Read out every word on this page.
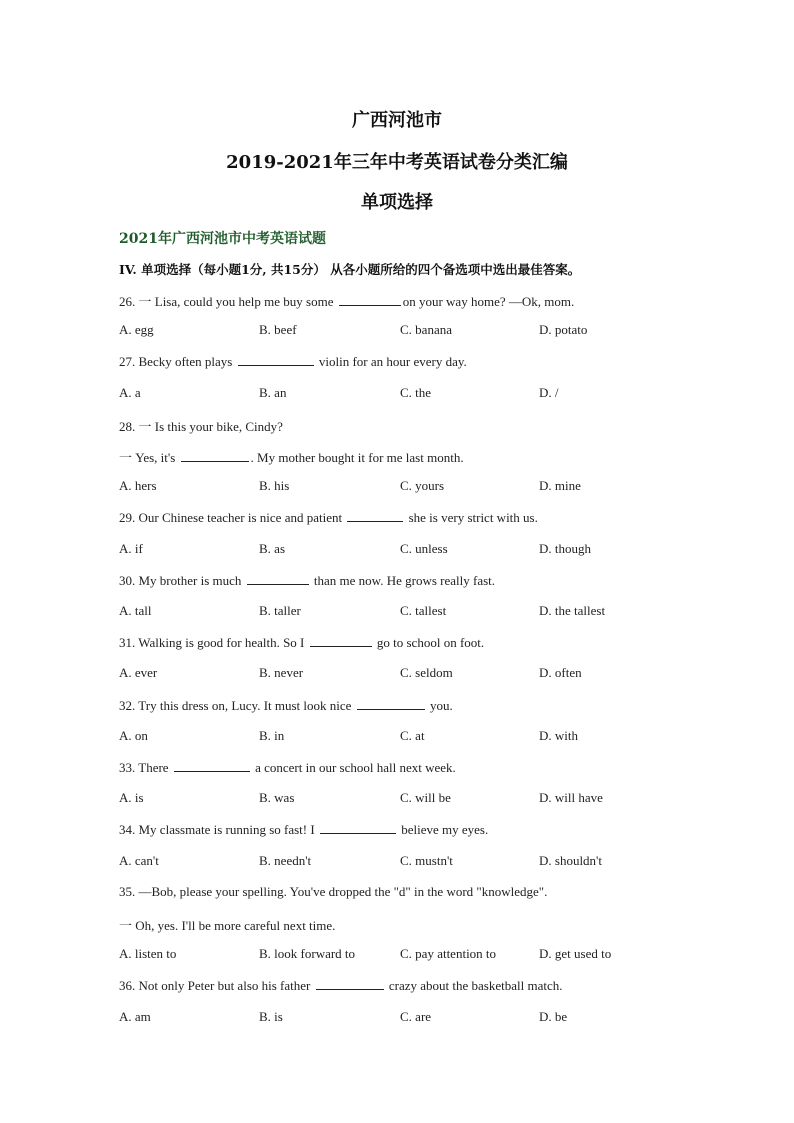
广西河池市
2019-2021年三年中考英语试卷分类汇编
单项选择
2021年广西河池市中考英语试题
IV. 单项选择（每小题1分, 共15分） 从各小题所给的四个备选项中选出最佳答案。
26. 一 Lisa, could you help me buy some	on your way home? —Ok, mom.
A. egg	B. beef	C. banana	D. potato
27. Becky often plays	violin for an hour every day.
A. a	B. an	C. the	D. /
28. 一 Is this your bike, Cindy?
一 Yes, it's	. My mother bought it for me last month.
A. hers	B. his	C. yours	D. mine
29. Our Chinese teacher is nice and patient	she is very strict with us.
A. if	B. as	C. unless	D. though
30. My brother is much	than me now. He grows really fast.
A. tall	B. taller	C. tallest	D. the tallest
31. Walking is good for health. So I	go to school on foot.
A. ever	B. never	C. seldom	D. often
32. Try this dress on, Lucy. It must look nice	you.
A. on	B. in	C. at	D. with
33. There	a concert in our school hall next week.
A. is	B. was	C. will be	D. will have
34. My classmate is running so fast! I	believe my eyes.
A. can't	B. needn't	C. mustn't	D. shouldn't
35. —Bob, please your spelling. You've dropped the "d" in the word "knowledge".
一 Oh, yes. I'll be more careful next time.
A. listen to	B. look forward to	C. pay attention to	D. get used to
36. Not only Peter but also his father	crazy about the basketball match.
A. am	B. is	C. are	D. be
